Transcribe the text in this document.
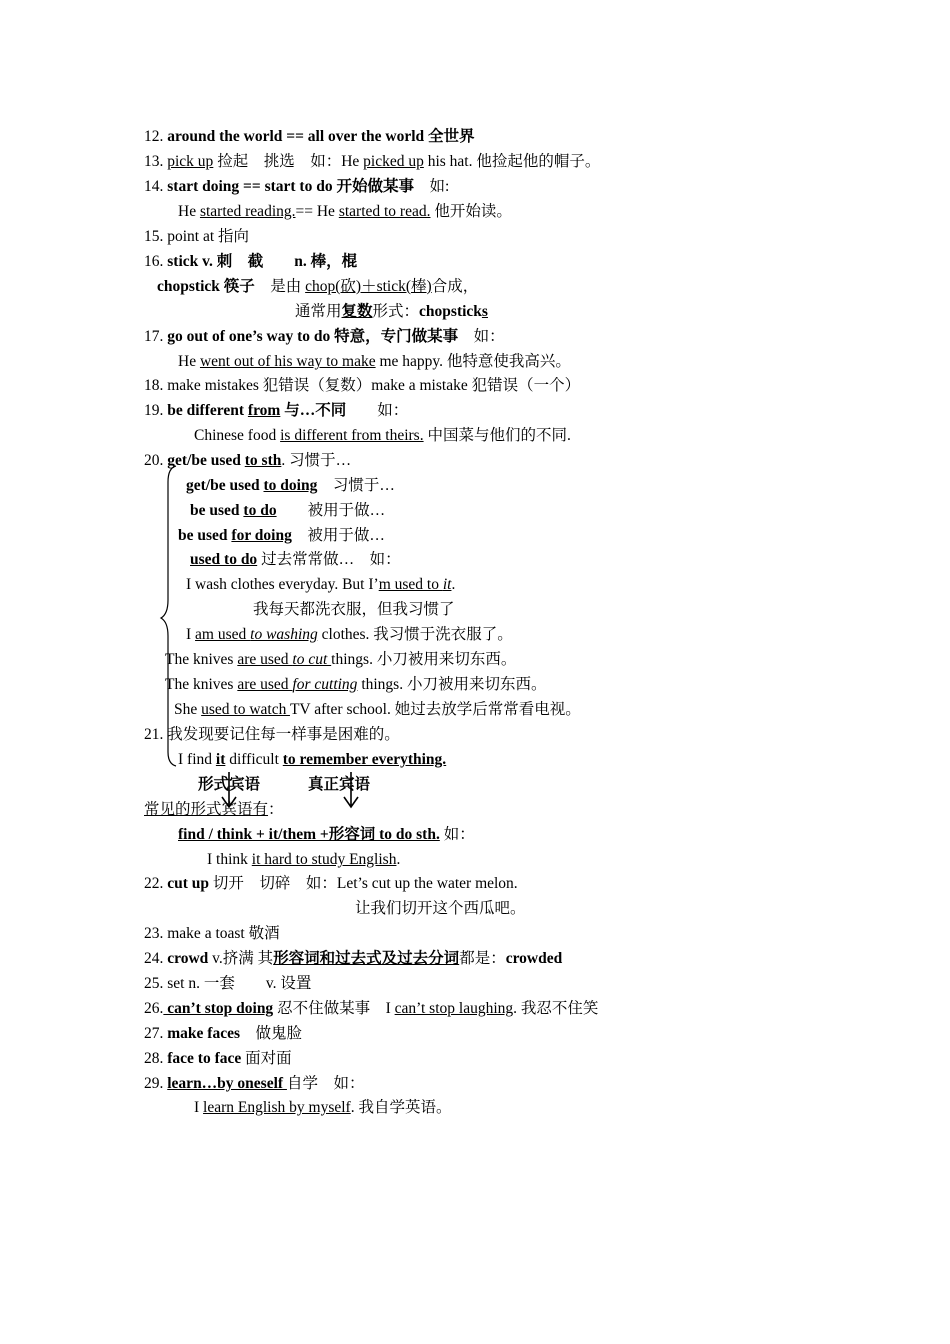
12. around the world == all over the world 全世界
13. pick up 捡起　挑选　如：He picked up his hat. 他捡起他的帽子。
14. start doing == start to do 开始做某事　如:
He started reading.== He started to read. 他开始读。
15. point at 指向
16. stick v. 刺　截　　n. 棒，棍
chopstick 筷子　是由 chop(砍)＋stick(棒)合成，
通常用复数形式：chopsticks
17. go out of one’s way to do 特意，专门做某事　如：
He went out of his way to make me happy. 他特意使我高兴。
18. make mistakes 犯错误（复数）make a mistake 犯错误（一个）
19. be different from 与…不同　　如：
Chinese food is different from theirs. 中国菜与他们的不同.
20. get/be used to sth. 习惯于…
get/be used to doing　习惯于…
be used to do　　被用于做…
be used for doing　被用于做…
used to do 过去常常做…　如：
I wash clothes everyday. But I’m used to it.
我每天都洗衣服，但我习惯了
I am used to washing clothes. 我习惯于洗衣服了。
The knives are used to cut things. 小刀被用来切东西。
The knives are used for cutting things. 小刀被用来切东西。
She used to watch TV after school. 她过去放学后常常看电视。
21. 我发现要记住每一样事是困难的。
I find it difficult to remember everything.
形式宾语	真正宾语
常见的形式宾语有：
find / think + it/them +形容词 to do sth. 如：
I think it hard to study English.
22. cut up 切开　切碎　如：Let’s cut up the water melon.
让我们切开这个西瓜吧。
23. make a toast 敬酒
24. crowd v.挤满 其形容词和过去式及过去分词都是：crowded
25. set n. 一套　　v. 设置
26. can’t stop doing 忍不住做某事　I can’t stop laughing. 我忍不住笑
27. make faces　做鬼脸
28. face to face 面对面
29. learn…by oneself 自学　如：
I learn English by myself. 我自学英语。
